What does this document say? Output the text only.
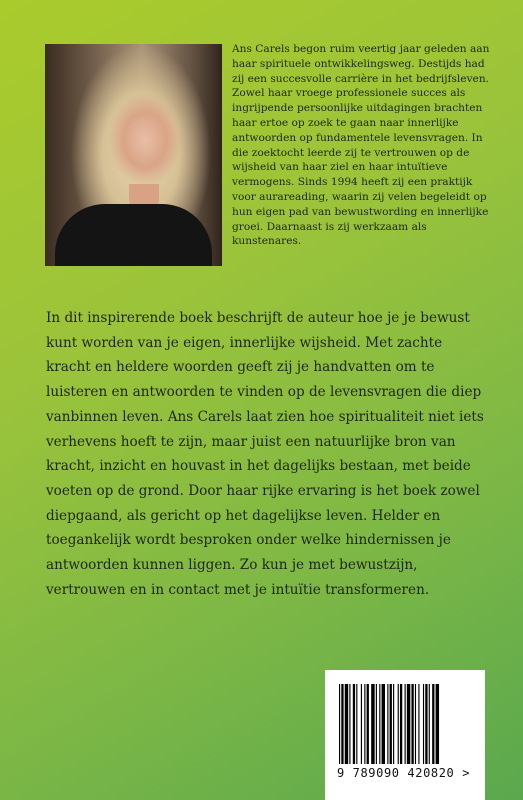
Ans Carels begon ruim veertig jaar geleden aan haar spirituele ontwikkelingsweg. Destijds had zij een succesvolle carrière in het bedrijfsleven. Zowel haar vroege professionele succes als ingrijpende persoonlijke uitdagingen brachten haar ertoe op zoek te gaan naar innerlijke antwoorden op fundamentele levensvragen. In die zoektocht leerde zij te vertrouwen op de wijsheid van haar ziel en haar intuïtieve vermogens. Sinds 1994 heeft zij een praktijk voor aurareading, waarin zij velen begeleidt op hun eigen pad van bewustwording en innerlijke groei. Daarnaast is zij werkzaam als kunstenares.

In dit inspirerende boek beschrijft de auteur hoe je je bewust kunt worden van je eigen, innerlijke wijsheid. Met zachte kracht en heldere woorden geeft zij je handvatten om te luisteren en antwoorden te vinden op de levensvragen die diep vanbinnen leven. Ans Carels laat zien hoe spiritualiteit niet iets verhevens hoeft te zijn, maar juist een natuurlijke bron van kracht, inzicht en houvast in het dagelijks bestaan, met beide voeten op de grond. Door haar rijke ervaring is het boek zowel diepgaand, als gericht op het dagelijkse leven. Helder en toegankelijk wordt besproken onder welke hindernissen je antwoorden kunnen liggen. Zo kun je met bewustzijn, vertrouwen en in contact met je intuïtie transformeren.

9 789090 420820 >
